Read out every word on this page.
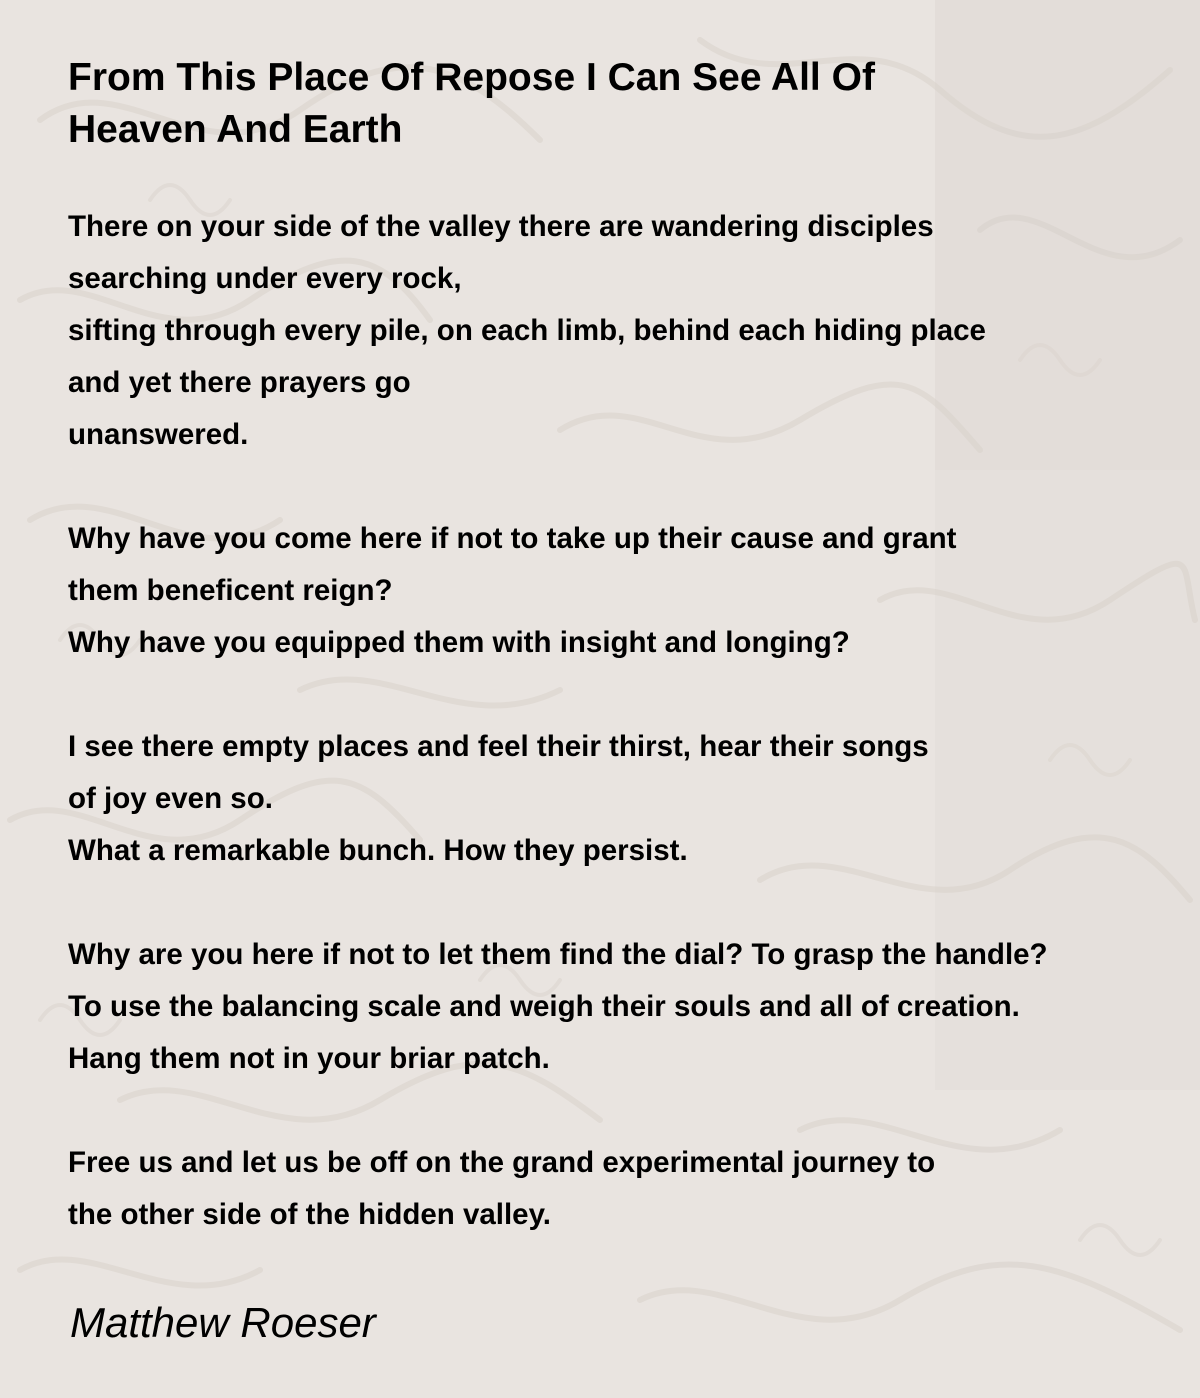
From This Place Of Repose I Can See All Of
Heaven And Earth
There on your side of the valley there are wandering disciples
searching under every rock,
sifting through every pile, on each limb, behind each hiding place
and yet there prayers go
unanswered.
Why have you come here if not to take up their cause and grant
them beneficent reign?
Why have you equipped them with insight and longing?
I see there empty places and feel their thirst, hear their songs
of joy even so.
What a remarkable bunch. How they persist.
Why are you here if not to let them find the dial? To grasp the handle?
To use the balancing scale and weigh their souls and all of creation.
Hang them not in your briar patch.
Free us and let us be off on the grand experimental journey to
the other side of the hidden valley.
Matthew Roeser
